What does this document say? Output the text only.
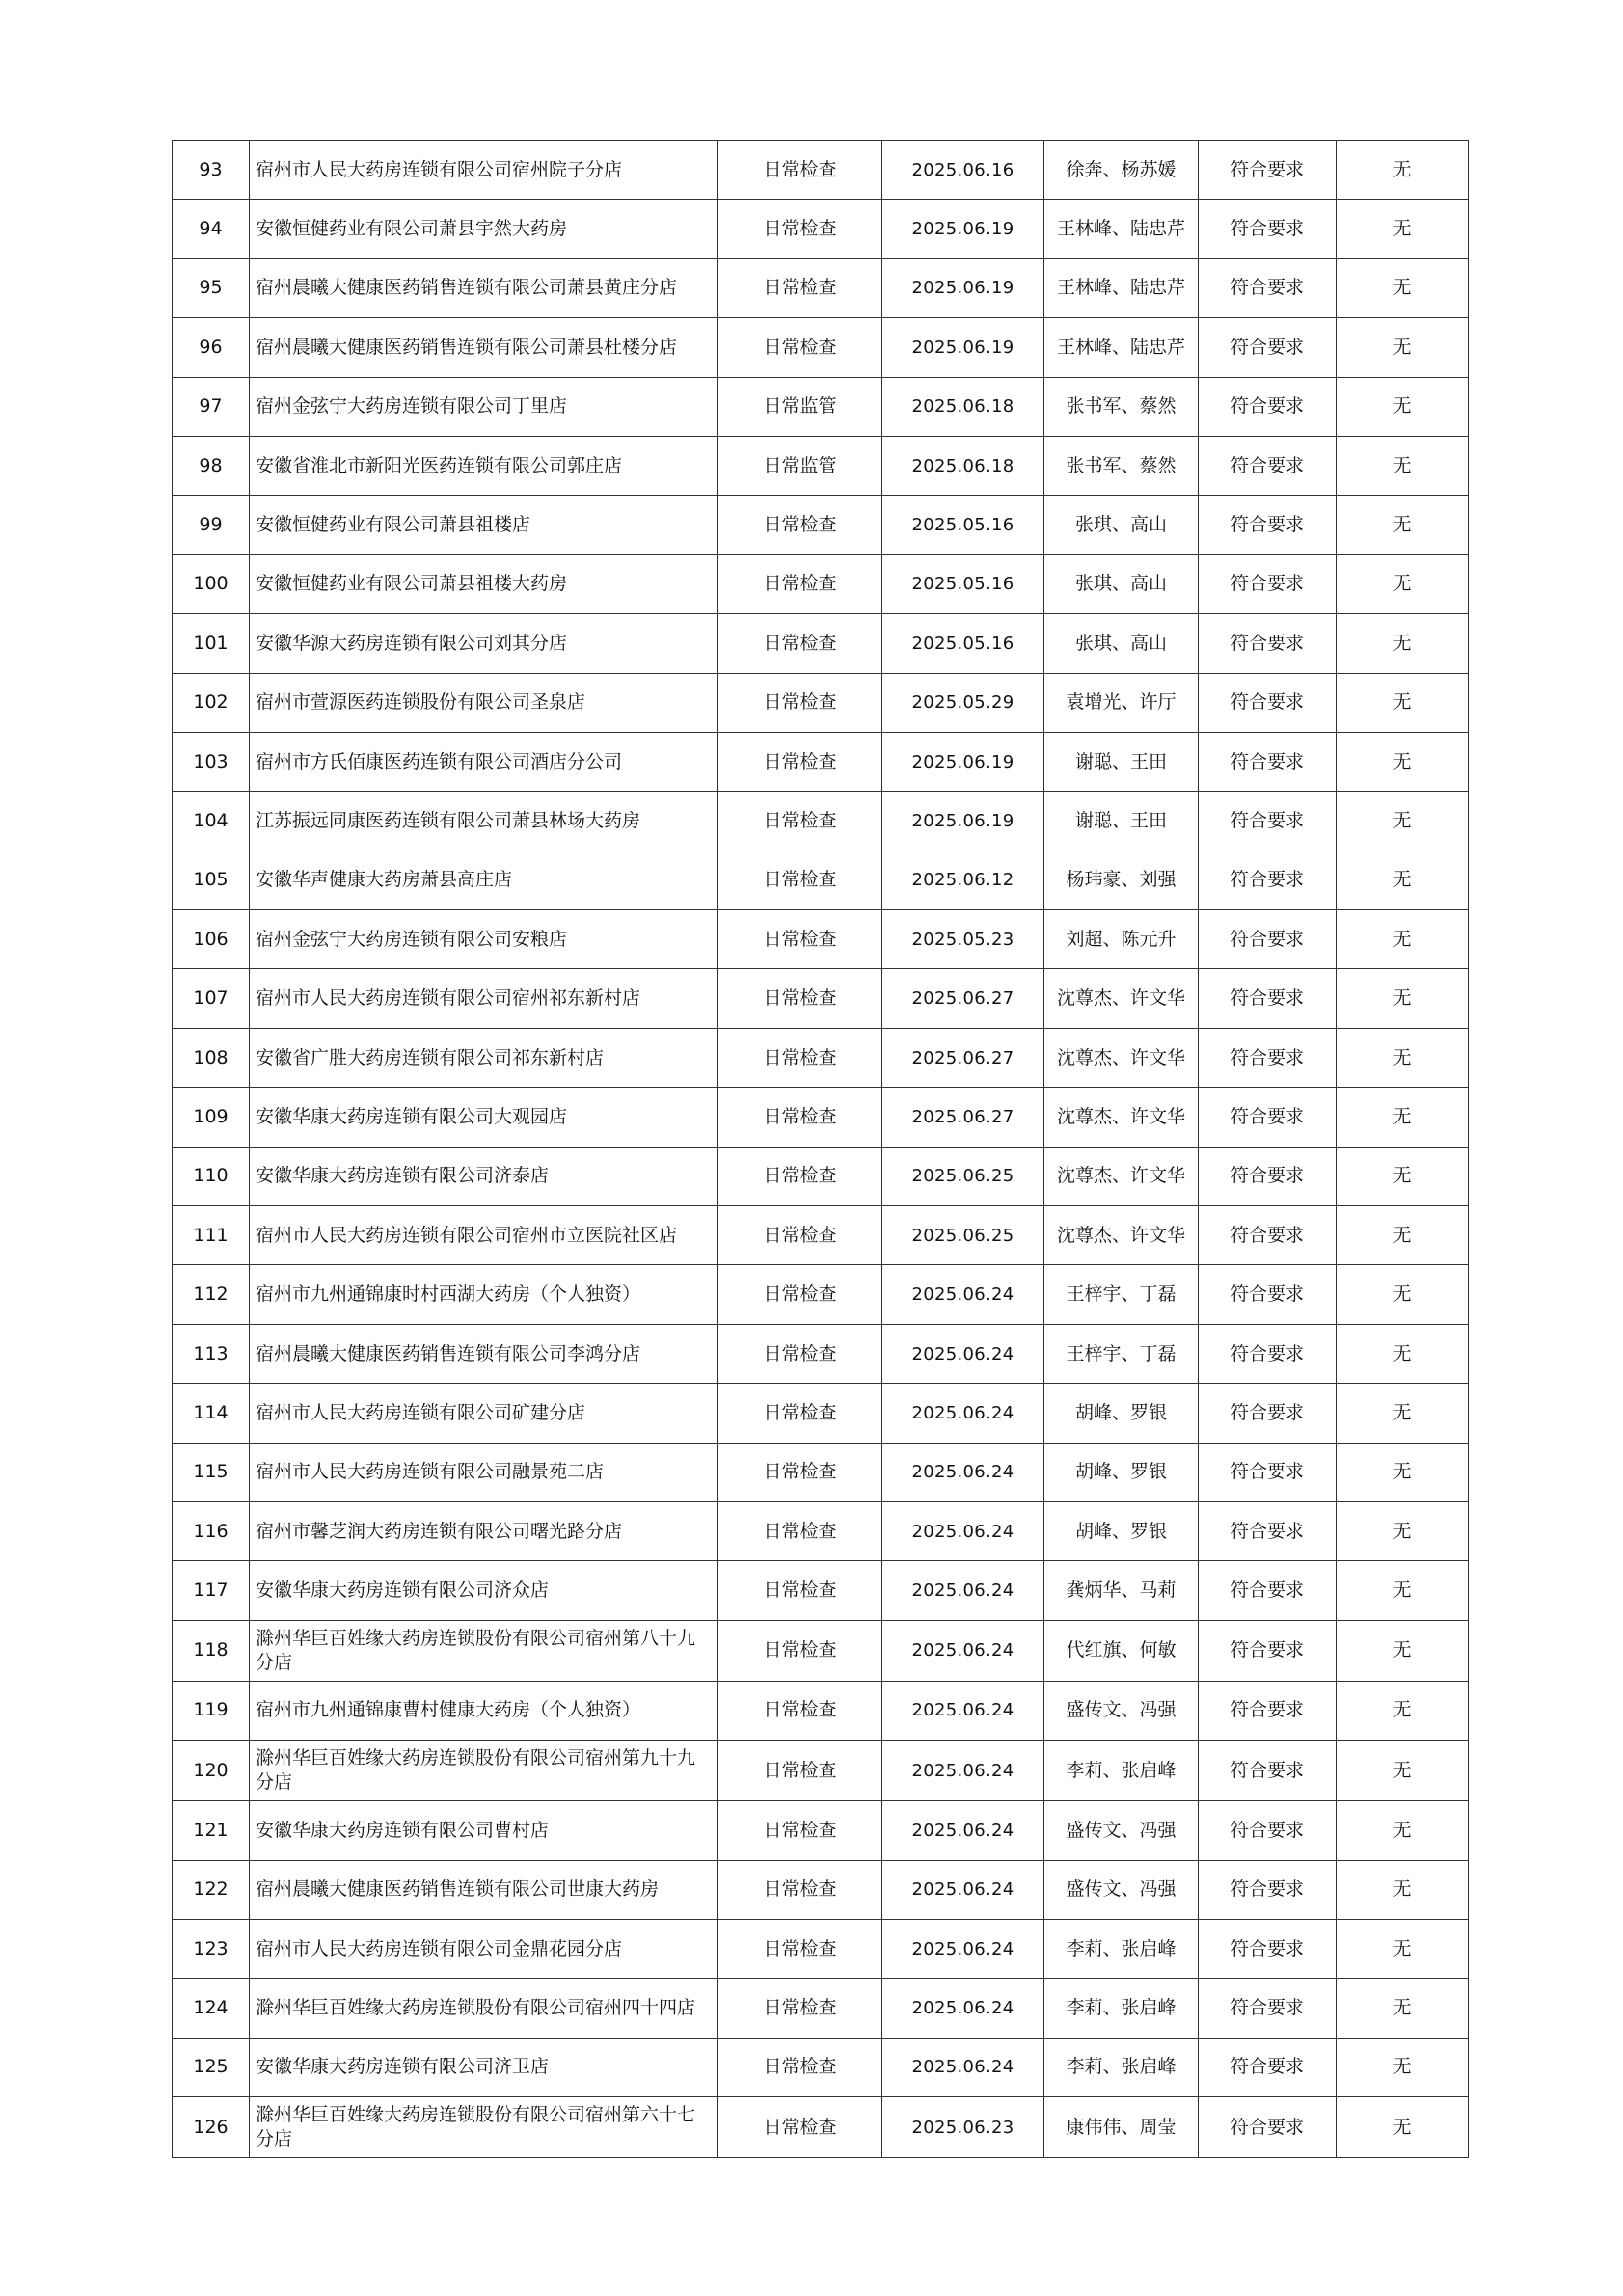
93	宿州市人民大药房连锁有限公司宿州院子分店	日常检查	2025.06.16	徐奔、杨苏媛	符合要求	无
94	安徽恒健药业有限公司萧县宇然大药房	日常检查	2025.06.19	王林峰、陆忠芹	符合要求	无
95	宿州晨曦大健康医药销售连锁有限公司萧县黄庄分店	日常检查	2025.06.19	王林峰、陆忠芹	符合要求	无
96	宿州晨曦大健康医药销售连锁有限公司萧县杜楼分店	日常检查	2025.06.19	王林峰、陆忠芹	符合要求	无
97	宿州金弦宁大药房连锁有限公司丁里店	日常监管	2025.06.18	张书军、蔡然	符合要求	无
98	安徽省淮北市新阳光医药连锁有限公司郭庄店	日常监管	2025.06.18	张书军、蔡然	符合要求	无
99	安徽恒健药业有限公司萧县祖楼店	日常检查	2025.05.16	张琪、高山	符合要求	无
100	安徽恒健药业有限公司萧县祖楼大药房	日常检查	2025.05.16	张琪、高山	符合要求	无
101	安徽华源大药房连锁有限公司刘其分店	日常检查	2025.05.16	张琪、高山	符合要求	无
102	宿州市萱源医药连锁股份有限公司圣泉店	日常检查	2025.05.29	袁增光、许厅	符合要求	无
103	宿州市方氏佰康医药连锁有限公司酒店分公司	日常检查	2025.06.19	谢聪、王田	符合要求	无
104	江苏振远同康医药连锁有限公司萧县林场大药房	日常检查	2025.06.19	谢聪、王田	符合要求	无
105	安徽华声健康大药房萧县高庄店	日常检查	2025.06.12	杨玮豪、刘强	符合要求	无
106	宿州金弦宁大药房连锁有限公司安粮店	日常检查	2025.05.23	刘超、陈元升	符合要求	无
107	宿州市人民大药房连锁有限公司宿州祁东新村店	日常检查	2025.06.27	沈尊杰、许文华	符合要求	无
108	安徽省广胜大药房连锁有限公司祁东新村店	日常检查	2025.06.27	沈尊杰、许文华	符合要求	无
109	安徽华康大药房连锁有限公司大观园店	日常检查	2025.06.27	沈尊杰、许文华	符合要求	无
110	安徽华康大药房连锁有限公司济泰店	日常检查	2025.06.25	沈尊杰、许文华	符合要求	无
111	宿州市人民大药房连锁有限公司宿州市立医院社区店	日常检查	2025.06.25	沈尊杰、许文华	符合要求	无
112	宿州市九州通锦康时村西湖大药房（个人独资）	日常检查	2025.06.24	王梓宇、丁磊	符合要求	无
113	宿州晨曦大健康医药销售连锁有限公司李鸿分店	日常检查	2025.06.24	王梓宇、丁磊	符合要求	无
114	宿州市人民大药房连锁有限公司矿建分店	日常检查	2025.06.24	胡峰、罗银	符合要求	无
115	宿州市人民大药房连锁有限公司融景苑二店	日常检查	2025.06.24	胡峰、罗银	符合要求	无
116	宿州市馨芝润大药房连锁有限公司曙光路分店	日常检查	2025.06.24	胡峰、罗银	符合要求	无
117	安徽华康大药房连锁有限公司济众店	日常检查	2025.06.24	龚炳华、马莉	符合要求	无
118	滁州华巨百姓缘大药房连锁股份有限公司宿州第八十九分店	日常检查	2025.06.24	代红旗、何敏	符合要求	无
119	宿州市九州通锦康曹村健康大药房（个人独资）	日常检查	2025.06.24	盛传文、冯强	符合要求	无
120	滁州华巨百姓缘大药房连锁股份有限公司宿州第九十九分店	日常检查	2025.06.24	李莉、张启峰	符合要求	无
121	安徽华康大药房连锁有限公司曹村店	日常检查	2025.06.24	盛传文、冯强	符合要求	无
122	宿州晨曦大健康医药销售连锁有限公司世康大药房	日常检查	2025.06.24	盛传文、冯强	符合要求	无
123	宿州市人民大药房连锁有限公司金鼎花园分店	日常检查	2025.06.24	李莉、张启峰	符合要求	无
124	滁州华巨百姓缘大药房连锁股份有限公司宿州四十四店	日常检查	2025.06.24	李莉、张启峰	符合要求	无
125	安徽华康大药房连锁有限公司济卫店	日常检查	2025.06.24	李莉、张启峰	符合要求	无
126	滁州华巨百姓缘大药房连锁股份有限公司宿州第六十七分店	日常检查	2025.06.23	康伟伟、周莹	符合要求	无
